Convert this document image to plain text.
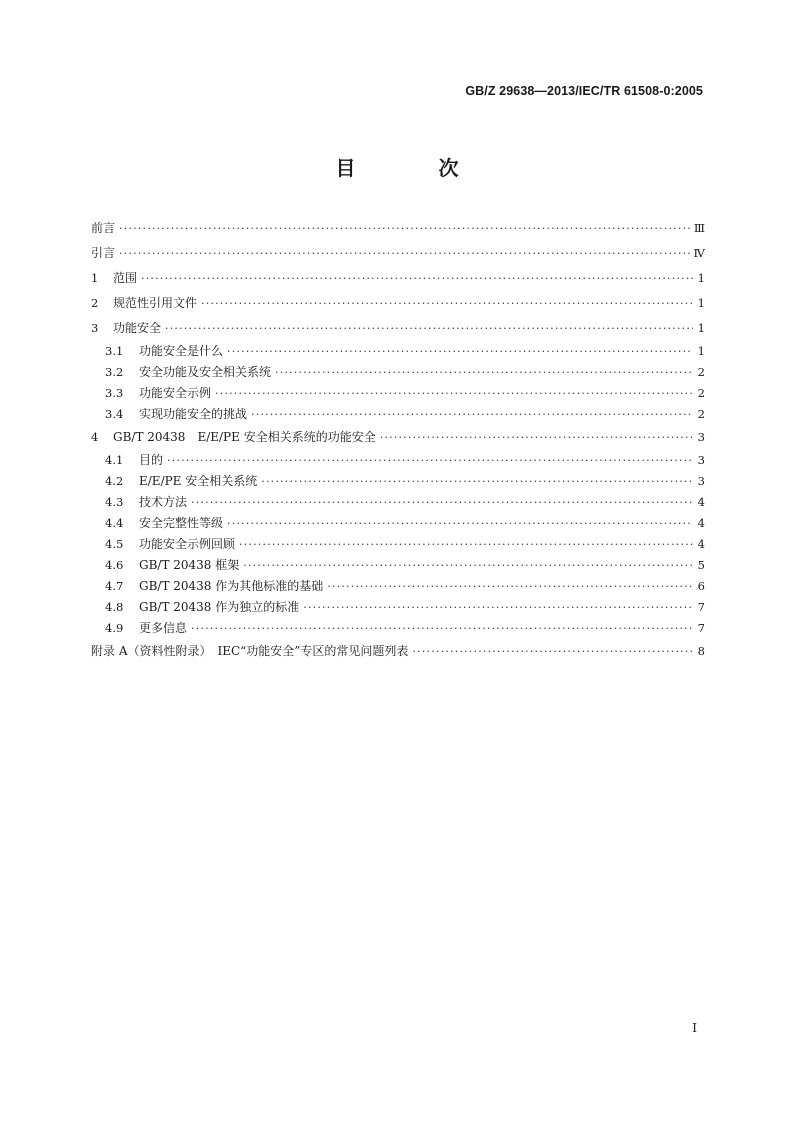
GB/Z 29638—2013/IEC/TR 61508-0:2005
目 次
前言 ·····	Ⅲ
引言 ·····	Ⅳ
1	范围 ·····	1
2	规范性引用文件 ·····	1
3	功能安全 ·····	1
3.1	功能安全是什么 ·····	1
3.2	安全功能及安全相关系统 ·····	2
3.3	功能安全示例 ·····	2
3.4	实现功能安全的挑战 ·····	2
4	GB/T 20438　E/E/PE 安全相关系统的功能安全 ·····	3
4.1	目的 ·····	3
4.2	E/E/PE 安全相关系统 ·····	3
4.3	技术方法 ·····	4
4.4	安全完整性等级 ·····	4
4.5	功能安全示例回顾 ·····	4
4.6	GB/T 20438 框架 ·····	5
4.7	GB/T 20438 作为其他标准的基础 ·····	6
4.8	GB/T 20438 作为独立的标准 ·····	7
4.9	更多信息 ·····	7
附录 A（资料性附录）　IEC“功能安全”专区的常见问题列表 ·····	8
Ⅰ
